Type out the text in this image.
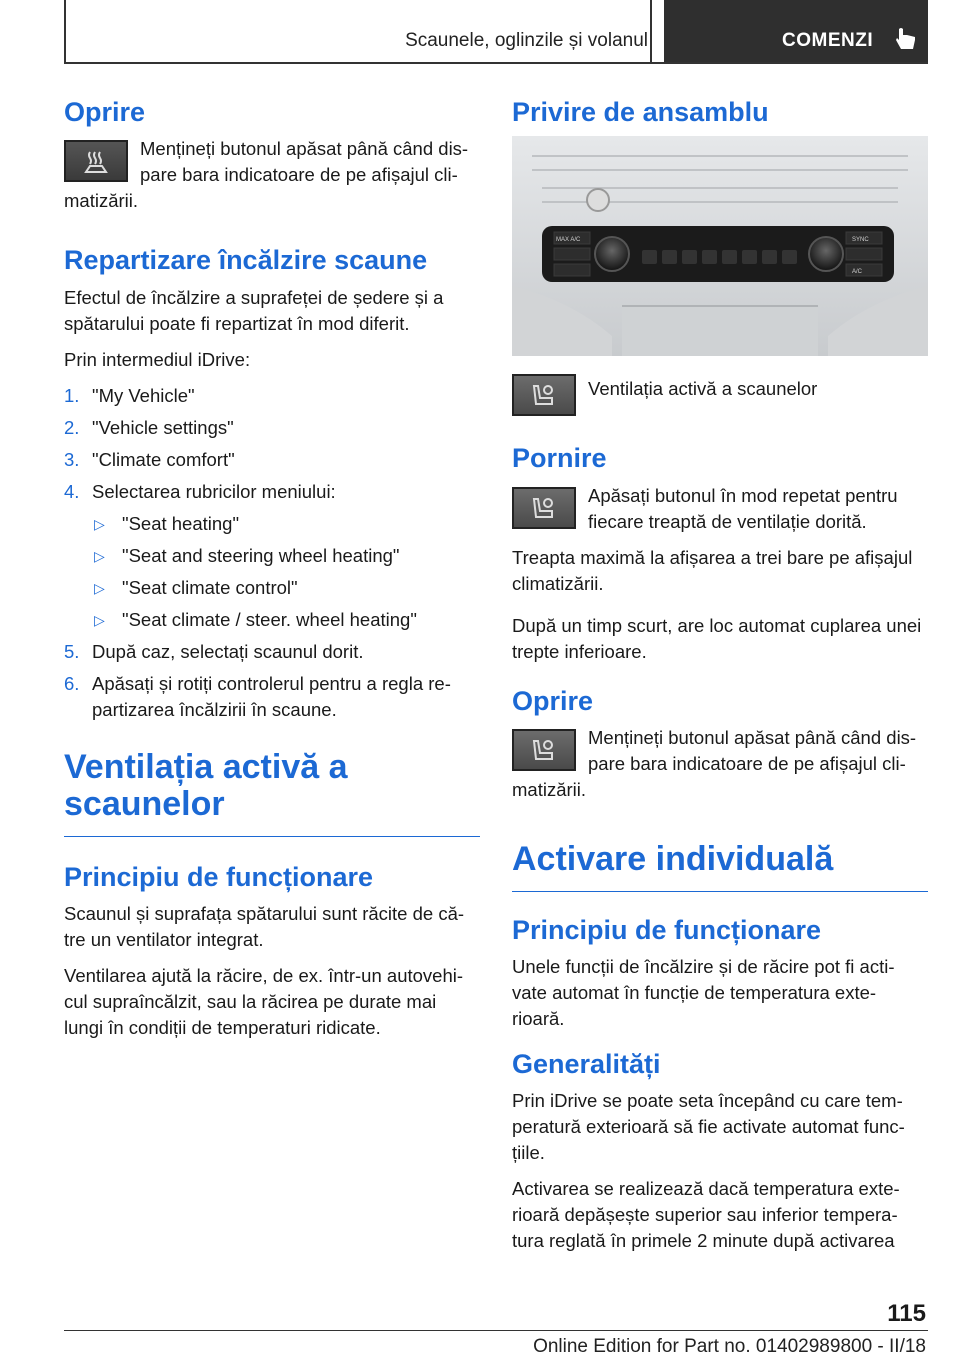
Scaunele, oglinzile și volanul	COMENZI
Oprire

Mențineți butonul apăsat până când dis‐pare bara indicatoare de pe afișajul cli‐matizării.

Repartizare încălzire scaune

Efectul de încălzire a suprafeței de ședere și a spătarului poate fi repartizat în mod diferit.

Prin intermediul iDrive:

1. "My Vehicle"
2. "Vehicle settings"
3. "Climate comfort"
4. Selectarea rubricilor meniului:
▷ "Seat heating"
▷ "Seat and steering wheel heating"
▷ "Seat climate control"
▷ "Seat climate / steer. wheel heating"
5. După caz, selectați scaunul dorit.
6. Apăsați și rotiți controlerul pentru a regla re‐partizarea încălzirii în scaune.
Ventilația activă a scaunelor
Principiu de funcționare

Scaunul și suprafața spătarului sunt răcite de că‐tre un ventilator integrat.

Ventilarea ajută la răcire, de ex. într-un autovehi‐cul supraîncălzit, sau la răcirea pe durate mai lungi în condiții de temperaturi ridicate.

Privire de ansamblu
MAX A/C	SYNC
A/C

Ventilația activă a scaunelor

Pornire

Apăsați butonul în mod repetat pentru fiecare treaptă de ventilație dorită.

Treapta maximă la afișarea a trei bare pe afișajul climatizării.

După un timp scurt, are loc automat cuplarea unei trepte inferioare.

Oprire

Mențineți butonul apăsat până când dis‐pare bara indicatoare de pe afișajul cli‐matizării.

Activare individuală
Principiu de funcționare

Unele funcții de încălzire și de răcire pot fi acti‐vate automat în funcție de temperatura exte‐rioară.

Generalități

Prin iDrive se poate seta începând cu care tem‐peratură exterioară să fie activate automat func‐țiile.

Activarea se realizează dacă temperatura exte‐rioară depășește superior sau inferior tempera‐tura reglată în primele 2 minute după activarea

115
Online Edition for Part no. 01402989800 - II/18
